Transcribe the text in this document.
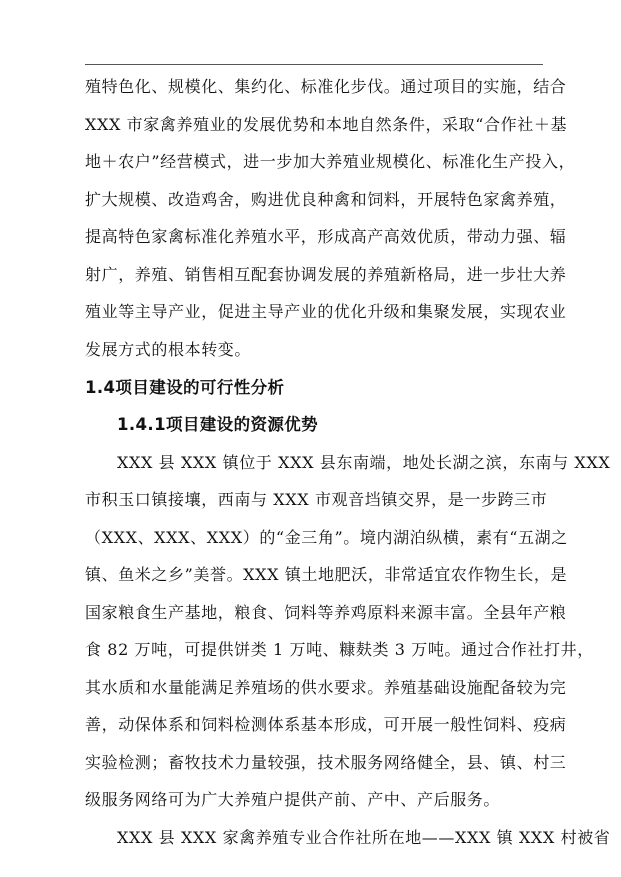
殖特色化、规模化、集约化、标准化步伐。通过项目的实施，结合
XXX 市家禽养殖业的发展优势和本地自然条件，采取“合作社＋基
地＋农户”经营模式，进一步加大养殖业规模化、标准化生产投入，
扩大规模、改造鸡舍，购进优良种禽和饲料，开展特色家禽养殖，
提高特色家禽标准化养殖水平，形成高产高效优质，带动力强、辐
射广，养殖、销售相互配套协调发展的养殖新格局，进一步壮大养
殖业等主导产业，促进主导产业的优化升级和集聚发展，实现农业
发展方式的根本转变。
1.4项目建设的可行性分析
1.4.1项目建设的资源优势
XXX 县 XXX 镇位于 XXX 县东南端，地处长湖之滨，东南与 XXX
市积玉口镇接壤，西南与 XXX 市观音垱镇交界，是一步跨三市
（XXX、XXX、XXX）的“金三角”。境内湖泊纵横，素有“五湖之
镇、鱼米之乡”美誉。XXX 镇土地肥沃，非常适宜农作物生长，是
国家粮食生产基地，粮食、饲料等养鸡原料来源丰富。全县年产粮
食 82 万吨，可提供饼类 1 万吨、糠麸类 3 万吨。通过合作社打井，
其水质和水量能满足养殖场的供水要求。养殖基础设施配备较为完
善，动保体系和饲料检测体系基本形成，可开展一般性饲料、疫病
实验检测；畜牧技术力量较强，技术服务网络健全，县、镇、村三
级服务网络可为广大养殖户提供产前、产中、产后服务。
XXX 县 XXX 家禽养殖专业合作社所在地——XXX 镇 XXX 村被省
